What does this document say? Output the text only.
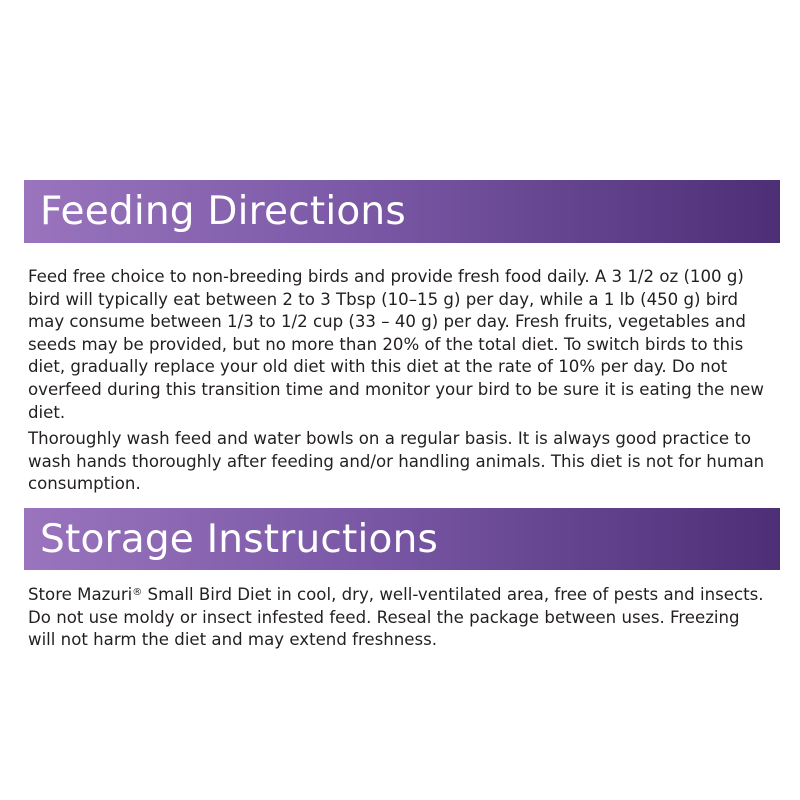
Feeding Directions

Feed free choice to non-breeding birds and provide fresh food daily. A 3 1/2 oz (100 g) bird will typically eat between 2 to 3 Tbsp (10–15 g) per day, while a 1 lb (450 g) bird may consume between 1/3 to 1/2 cup (33 – 40 g) per day. Fresh fruits, vegetables and seeds may be provided, but no more than 20% of the total diet. To switch birds to this diet, gradually replace your old diet with this diet at the rate of 10% per day. Do not overfeed during this transition time and monitor your bird to be sure it is eating the new diet.

Thoroughly wash feed and water bowls on a regular basis. It is always good practice to wash hands thoroughly after feeding and/or handling animals. This diet is not for human consumption.

Storage Instructions

Store Mazuri® Small Bird Diet in cool, dry, well-ventilated area, free of pests and insects. Do not use moldy or insect infested feed. Reseal the package between uses. Freezing will not harm the diet and may extend freshness.
